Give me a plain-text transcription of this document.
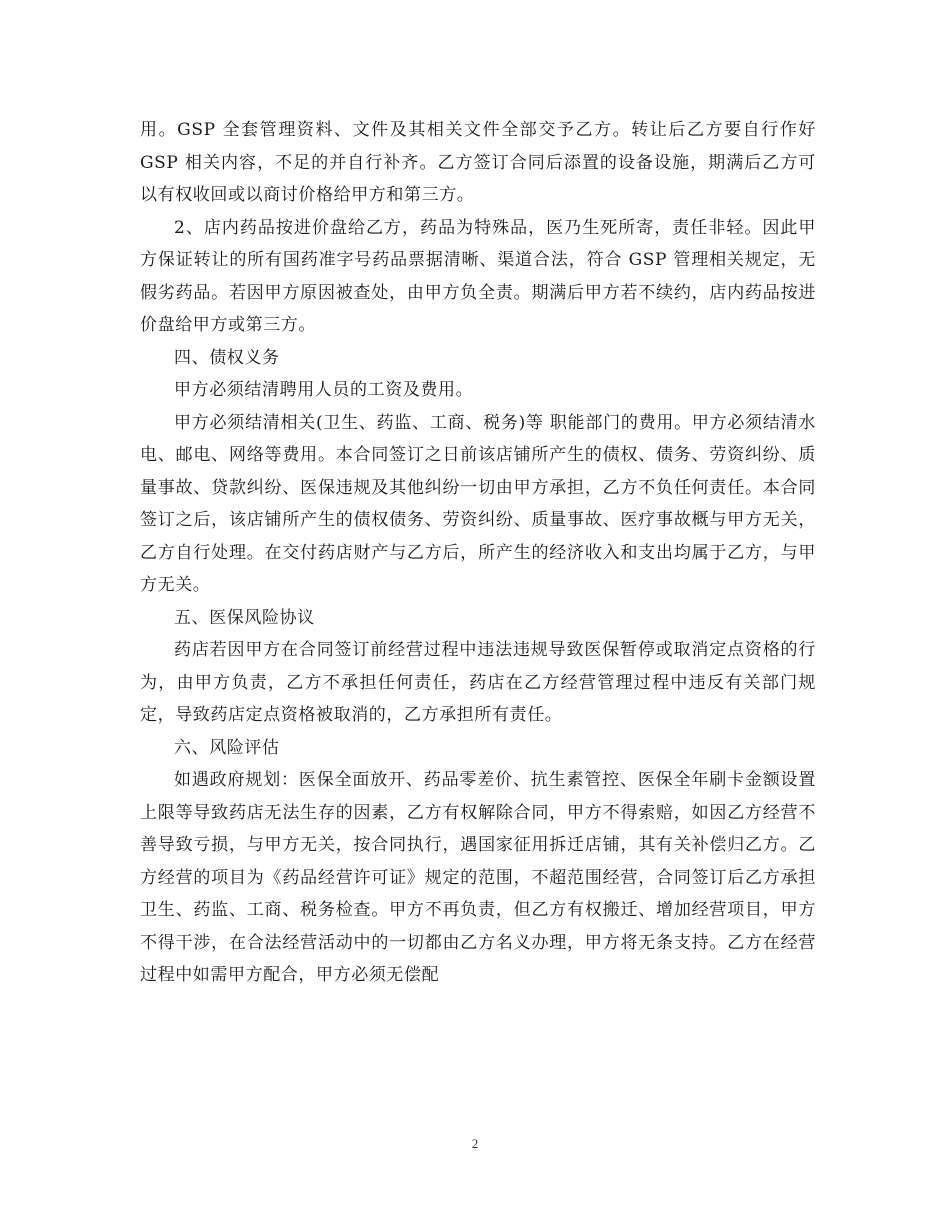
用。GSP 全套管理资料、文件及其相关文件全部交予乙方。转让后乙方要自行作好 GSP 相关内容，不足的并自行补齐。乙方签订合同后添置的设备设施，期满后乙方可以有权收回或以商讨价格给甲方和第三方。

2、店内药品按进价盘给乙方，药品为特殊品，医乃生死所寄，责任非轻。因此甲方保证转让的所有国药准字号药品票据清晰、渠道合法，符合 GSP 管理相关规定，无假劣药品。若因甲方原因被查处，由甲方负全责。期满后甲方若不续约，店内药品按进价盘给甲方或第三方。

四、债权义务

甲方必须结清聘用人员的工资及费用。

甲方必须结清相关(卫生、药监、工商、税务)等 职能部门的费用。甲方必须结清水电、邮电、网络等费用。本合同签订之日前该店铺所产生的债权、债务、劳资纠纷、质量事故、贷款纠纷、医保违规及其他纠纷一切由甲方承担，乙方不负任何责任。本合同签订之后，该店铺所产生的债权债务、劳资纠纷、质量事故、医疗事故概与甲方无关，乙方自行处理。在交付药店财产与乙方后，所产生的经济收入和支出均属于乙方，与甲方无关。

五、医保风险协议

药店若因甲方在合同签订前经营过程中违法违规导致医保暂停或取消定点资格的行为，由甲方负责，乙方不承担任何责任，药店在乙方经营管理过程中违反有关部门规定，导致药店定点资格被取消的，乙方承担所有责任。

六、风险评估

如遇政府规划：医保全面放开、药品零差价、抗生素管控、医保全年刷卡金额设置上限等导致药店无法生存的因素，乙方有权解除合同，甲方不得索赔，如因乙方经营不善导致亏损，与甲方无关，按合同执行，遇国家征用拆迁店铺，其有关补偿归乙方。乙方经营的项目为《药品经营许可证》规定的范围，不超范围经营，合同签订后乙方承担卫生、药监、工商、税务检查。甲方不再负责，但乙方有权搬迁、增加经营项目，甲方不得干涉，在合法经营活动中的一切都由乙方名义办理，甲方将无条支持。乙方在经营过程中如需甲方配合，甲方必须无偿配

2
